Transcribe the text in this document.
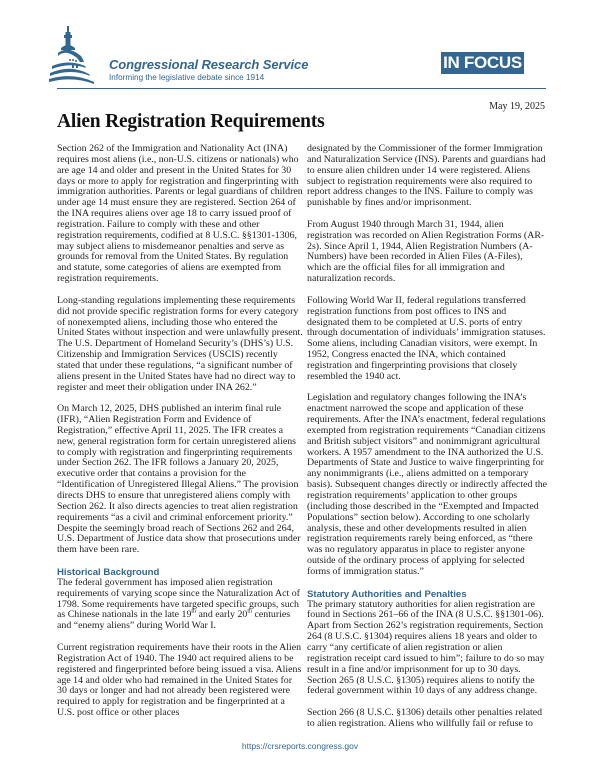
Congressional Research Service
Informing the legislative debate since 1914
IN FOCUS
May 19, 2025
Alien Registration Requirements

Section 262 of the Immigration and Nationality Act (INA) requires most aliens (i.e., non-U.S. citizens or nationals) who are age 14 and older and present in the United States for 30 days or more to apply for registration and fingerprinting with immigration authorities. Parents or legal guardians of children under age 14 must ensure they are registered. Section 264 of the INA requires aliens over age 18 to carry issued proof of registration. Failure to comply with these and other registration requirements, codified at 8 U.S.C. §§1301-1306, may subject aliens to misdemeanor penalties and serve as grounds for removal from the United States. By regulation and statute, some categories of aliens are exempted from registration requirements.

Long-standing regulations implementing these requirements did not provide specific registration forms for every category of nonexempted aliens, including those who entered the United States without inspection and were unlawfully present. The U.S. Department of Homeland Security’s (DHS’s) U.S. Citizenship and Immigration Services (USCIS) recently stated that under these regulations, “a significant number of aliens present in the United States have had no direct way to register and meet their obligation under INA 262.”

On March 12, 2025, DHS published an interim final rule (IFR), “Alien Registration Form and Evidence of Registration,” effective April 11, 2025. The IFR creates a new, general registration form for certain unregistered aliens to comply with registration and fingerprinting requirements under Section 262. The IFR follows a January 20, 2025, executive order that contains a provision for the “Identification of Unregistered Illegal Aliens.” The provision directs DHS to ensure that unregistered aliens comply with Section 262. It also directs agencies to treat alien registration requirements “as a civil and criminal enforcement priority.” Despite the seemingly broad reach of Sections 262 and 264, U.S. Department of Justice data show that prosecutions under them have been rare.

Historical Background

The federal government has imposed alien registration requirements of varying scope since the Naturalization Act of 1798. Some requirements have targeted specific groups, such as Chinese nationals in the late 19th and early 20th centuries and “enemy aliens” during World War I.

Current registration requirements have their roots in the Alien Registration Act of 1940. The 1940 act required aliens to be registered and fingerprinted before being issued a visa. Aliens age 14 and older who had remained in the United States for 30 days or longer and had not already been registered were required to apply for registration and be fingerprinted at a U.S. post office or other places

designated by the Commissioner of the former Immigration and Naturalization Service (INS). Parents and guardians had to ensure alien children under 14 were registered. Aliens subject to registration requirements were also required to report address changes to the INS. Failure to comply was punishable by fines and/or imprisonment.

From August 1940 through March 31, 1944, alien registration was recorded on Alien Registration Forms (AR-2s). Since April 1, 1944, Alien Registration Numbers (A-Numbers) have been recorded in Alien Files (A-Files), which are the official files for all immigration and naturalization records.

Following World War II, federal regulations transferred registration functions from post offices to INS and designated them to be completed at U.S. ports of entry through documentation of individuals’ immigration statuses. Some aliens, including Canadian visitors, were exempt. In 1952, Congress enacted the INA, which contained registration and fingerprinting provisions that closely resembled the 1940 act.

Legislation and regulatory changes following the INA’s enactment narrowed the scope and application of these requirements. After the INA’s enactment, federal regulations exempted from registration requirements “Canadian citizens and British subject visitors” and nonimmigrant agricultural workers. A 1957 amendment to the INA authorized the U.S. Departments of State and Justice to waive fingerprinting for any nonimmigrants (i.e., aliens admitted on a temporary basis). Subsequent changes directly or indirectly affected the registration requirements’ application to other groups (including those described in the “Exempted and Impacted Populations” section below). According to one scholarly analysis, these and other developments resulted in alien registration requirements rarely being enforced, as “there was no regulatory apparatus in place to register anyone outside of the ordinary process of applying for selected forms of immigration status.”

Statutory Authorities and Penalties

The primary statutory authorities for alien registration are found in Sections 261–66 of the INA (8 U.S.C. §§1301-06). Apart from Section 262’s registration requirements, Section 264 (8 U.S.C. §1304) requires aliens 18 years and older to carry “any certificate of alien registration or alien registration receipt card issued to him”; failure to do so may result in a fine and/or imprisonment for up to 30 days. Section 265 (8 U.S.C. §1305) requires aliens to notify the federal government within 10 days of any address change.

Section 266 (8 U.S.C. §1306) details other penalties related to alien registration. Aliens who willfully fail or refuse to

https://crsreports.congress.gov
